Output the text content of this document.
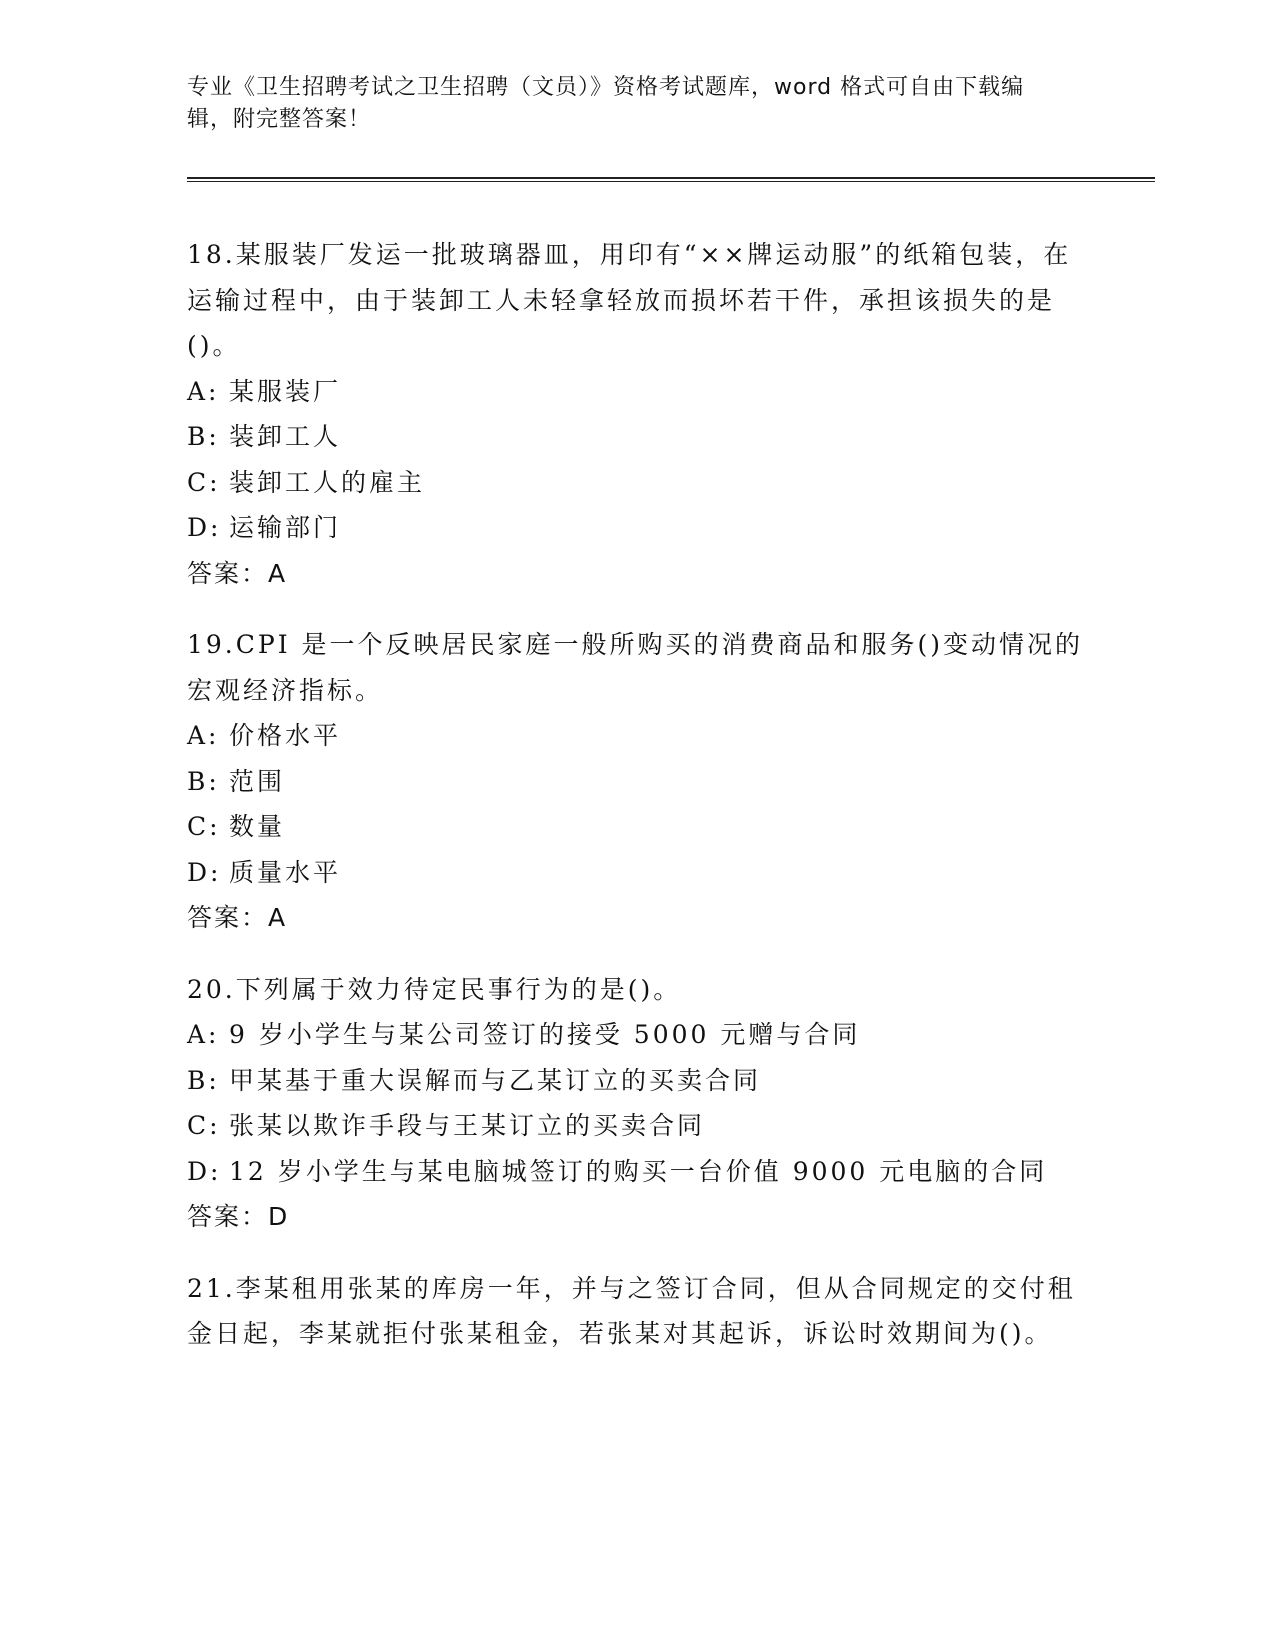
专业《卫生招聘考试之卫生招聘（文员）》资格考试题库，word 格式可自由下载编辑，附完整答案！

18.某服装厂发运一批玻璃器皿，用印有“××牌运动服”的纸箱包装，在运输过程中，由于装卸工人未轻拿轻放而损坏若干件，承担该损失的是()。

A: 某服装厂
B: 装卸工人
C: 装卸工人的雇主
D: 运输部门
答案：A

19.CPI 是一个反映居民家庭一般所购买的消费商品和服务()变动情况的宏观经济指标。

A: 价格水平
B: 范围
C: 数量
D: 质量水平
答案：A

20.下列属于效力待定民事行为的是()。

A: 9 岁小学生与某公司签订的接受 5000 元赠与合同
B: 甲某基于重大误解而与乙某订立的买卖合同
C: 张某以欺诈手段与王某订立的买卖合同
D: 12 岁小学生与某电脑城签订的购买一台价值 9000 元电脑的合同
答案：D

21.李某租用张某的库房一年，并与之签订合同，但从合同规定的交付租金日起，李某就拒付张某租金，若张某对其起诉，诉讼时效期间为()。
